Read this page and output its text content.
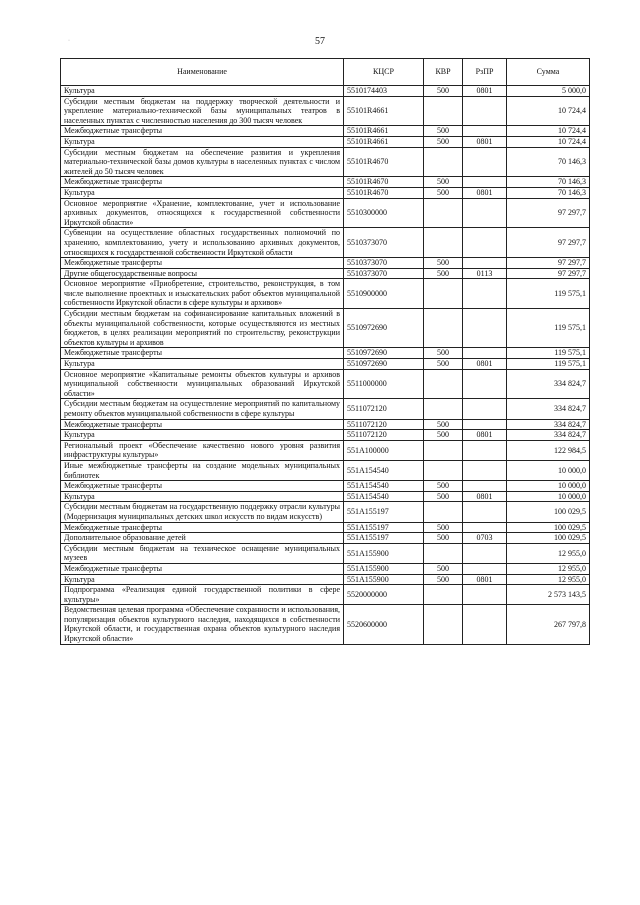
57
·
Наименование	КЦСР	КВР	РзПР	Сумма
Культура	5510174403	500	0801	5 000,0
Субсидии местным бюджетам на поддержку творческой деятельности и укрепление материально-технической базы муниципальных театров в населенных пунктах с численностью населения до 300 тысяч человек	55101R4661			10 724,4
Межбюджетные трансферты	55101R4661	500		10 724,4
Культура	55101R4661	500	0801	10 724,4
Субсидии местным бюджетам на обеспечение развития и укрепления материально-технической базы домов культуры в населенных пунктах с числом жителей до 50 тысяч человек	55101R4670			70 146,3
Межбюджетные трансферты	55101R4670	500		70 146,3
Культура	55101R4670	500	0801	70 146,3
Основное мероприятие «Хранение, комплектование, учет и использование архивных документов, относящихся к государственной собственности Иркутской области»	5510300000			97 297,7
Субвенции на осуществление областных государственных полномочий по хранению, комплектованию, учету и использованию архивных документов, относящихся к государственной собственности Иркутской области	5510373070			97 297,7
Межбюджетные трансферты	5510373070	500		97 297,7
Другие общегосударственные вопросы	5510373070	500	0113	97 297,7
Основное мероприятие «Приобретение, строительство, реконструкция, в том числе выполнение проектных и изыскательских работ объектов муниципальной собственности Иркутской области в сфере культуры и архивов»	5510900000			119 575,1
Субсидии местным бюджетам на софинансирование капитальных вложений в объекты муниципальной собственности, которые осуществляются из местных бюджетов, в целях реализации мероприятий по строительству, реконструкции объектов культуры и архивов	5510972690			119 575,1
Межбюджетные трансферты	5510972690	500		119 575,1
Культура	5510972690	500	0801	119 575,1
Основное мероприятие «Капитальные ремонты объектов культуры и архивов муниципальной собственности муниципальных образований Иркутской области»	5511000000			334 824,7
Субсидии местным бюджетам на осуществление мероприятий по капитальному ремонту объектов муниципальной собственности в сфере культуры	5511072120			334 824,7
Межбюджетные трансферты	5511072120	500		334 824,7
Культура	5511072120	500	0801	334 824,7
Региональный проект «Обеспечение качественно нового уровня развития инфраструктуры культуры»	551A100000			122 984,5
Иные межбюджетные трансферты на создание модельных муниципальных библиотек	551A154540			10 000,0
Межбюджетные трансферты	551A154540	500		10 000,0
Культура	551A154540	500	0801	10 000,0
Субсидии местным бюджетам на государственную поддержку отрасли культуры (Модернизация муниципальных детских школ искусств по видам искусств)	551A155197			100 029,5
Межбюджетные трансферты	551A155197	500		100 029,5
Дополнительное образование детей	551A155197	500	0703	100 029,5
Субсидии местным бюджетам на техническое оснащение муниципальных музеев	551A155900			12 955,0
Межбюджетные трансферты	551A155900	500		12 955,0
Культура	551A155900	500	0801	12 955,0
Подпрограмма «Реализация единой государственной политики в сфере культуры»	5520000000			2 573 143,5
Ведомственная целевая программа «Обеспечение сохранности и использования, популяризация объектов культурного наследия, находящихся в собственности Иркутской области, и государственная охрана объектов культурного наследия Иркутской области»	5520600000			267 797,8
